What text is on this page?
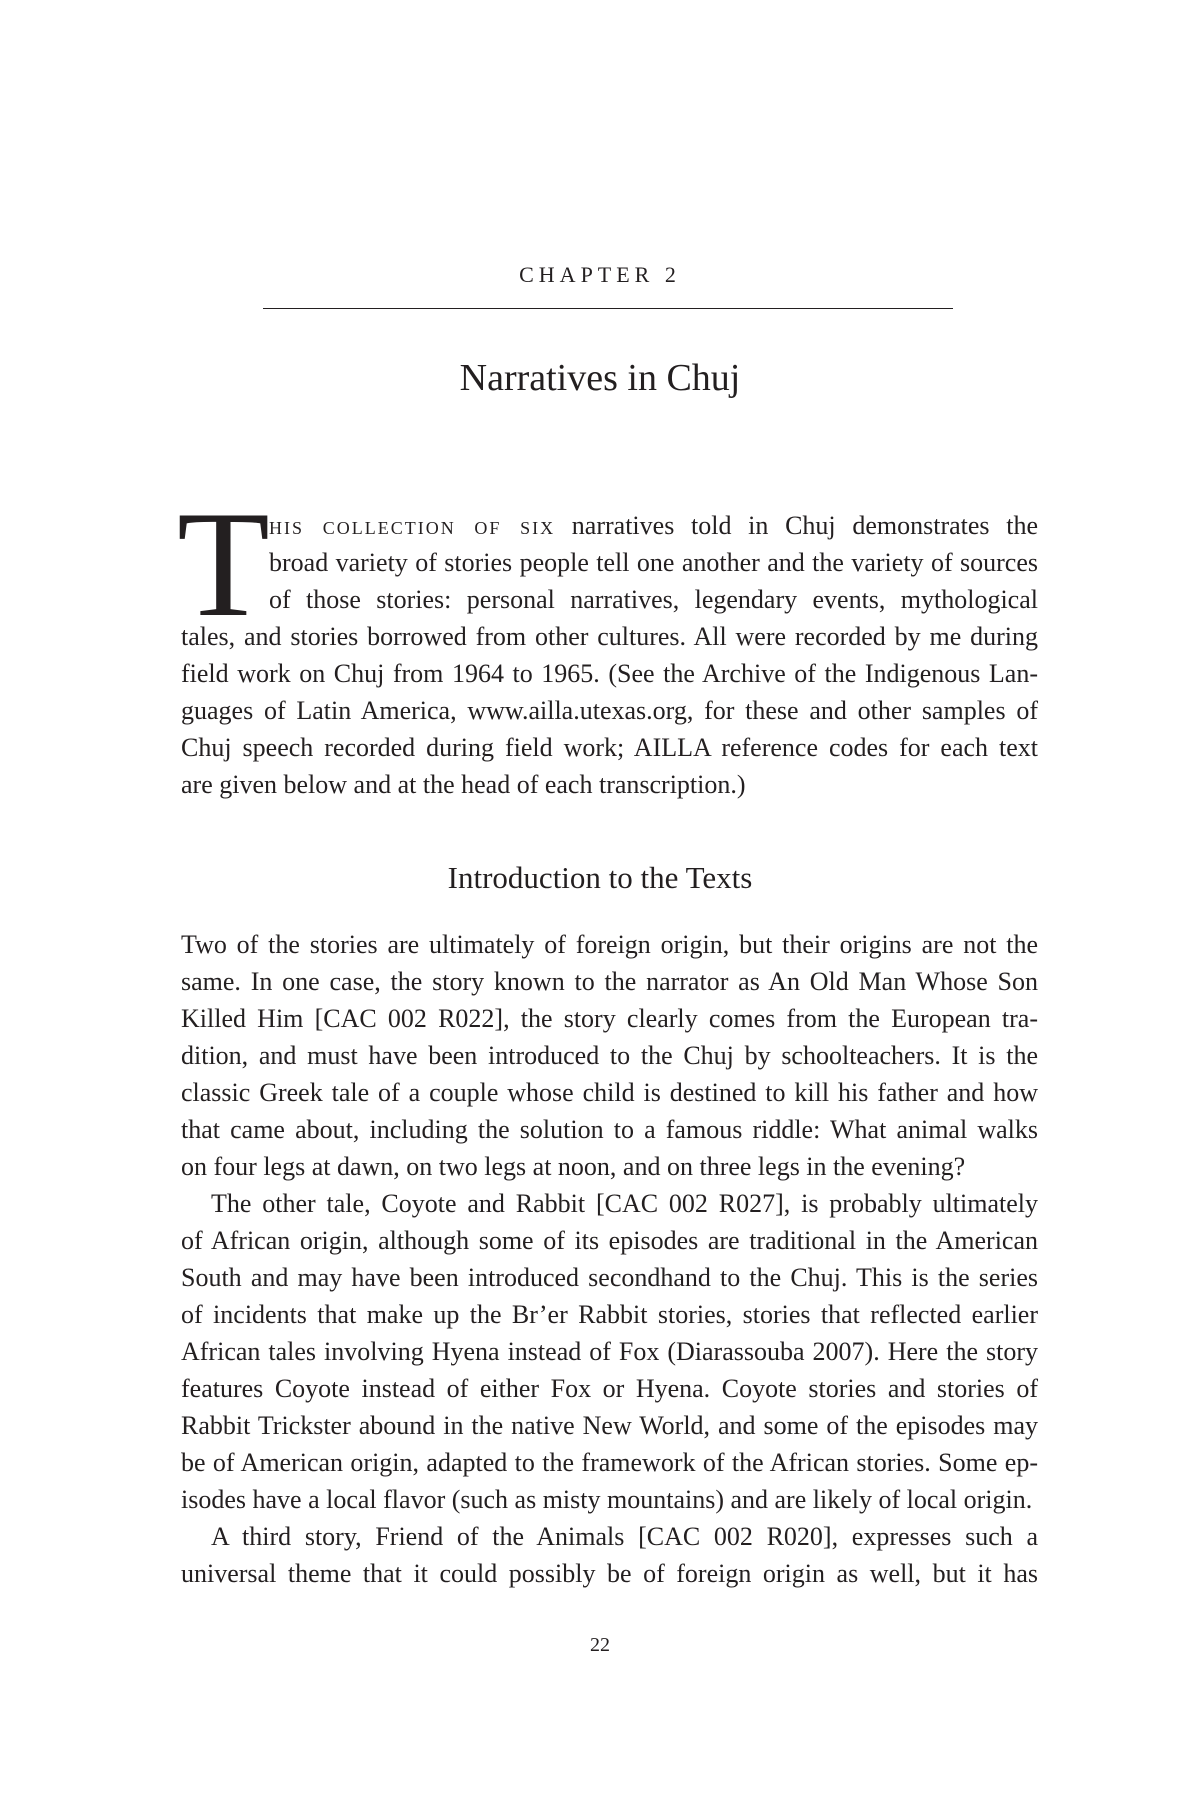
CHAPTER 2
Narratives in Chuj
T his collection of six narratives told in Chuj demonstrates the
broad variety of stories people tell one another and the variety of sources
of those stories: personal narratives, legendary events, mythological
tales, and stories borrowed from other cultures. All were recorded by me during
field work on Chuj from 1964 to 1965. (See the Archive of the Indigenous Lan-
guages of Latin America, www.ailla.utexas.org, for these and other samples of
Chuj speech recorded during field work; AILLA reference codes for each text
are given below and at the head of each transcription.)
Introduction to the Texts
Two of the stories are ultimately of foreign origin, but their origins are not the
same. In one case, the story known to the narrator as An Old Man Whose Son
Killed Him [CAC 002 R022], the story clearly comes from the European tra-
dition, and must have been introduced to the Chuj by schoolteachers. It is the
classic Greek tale of a couple whose child is destined to kill his father and how
that came about, including the solution to a famous riddle: What animal walks
on four legs at dawn, on two legs at noon, and on three legs in the evening?
The other tale, Coyote and Rabbit [CAC 002 R027], is probably ultimately
of African origin, although some of its episodes are traditional in the American
South and may have been introduced secondhand to the Chuj. This is the series
of incidents that make up the Br’er Rabbit stories, stories that reflected earlier
African tales involving Hyena instead of Fox (Diarassouba 2007). Here the story
features Coyote instead of either Fox or Hyena. Coyote stories and stories of
Rabbit Trickster abound in the native New World, and some of the episodes may
be of American origin, adapted to the framework of the African stories. Some ep-
isodes have a local flavor (such as misty mountains) and are likely of local origin.
A third story, Friend of the Animals [CAC 002 R020], expresses such a
universal theme that it could possibly be of foreign origin as well, but it has
22
